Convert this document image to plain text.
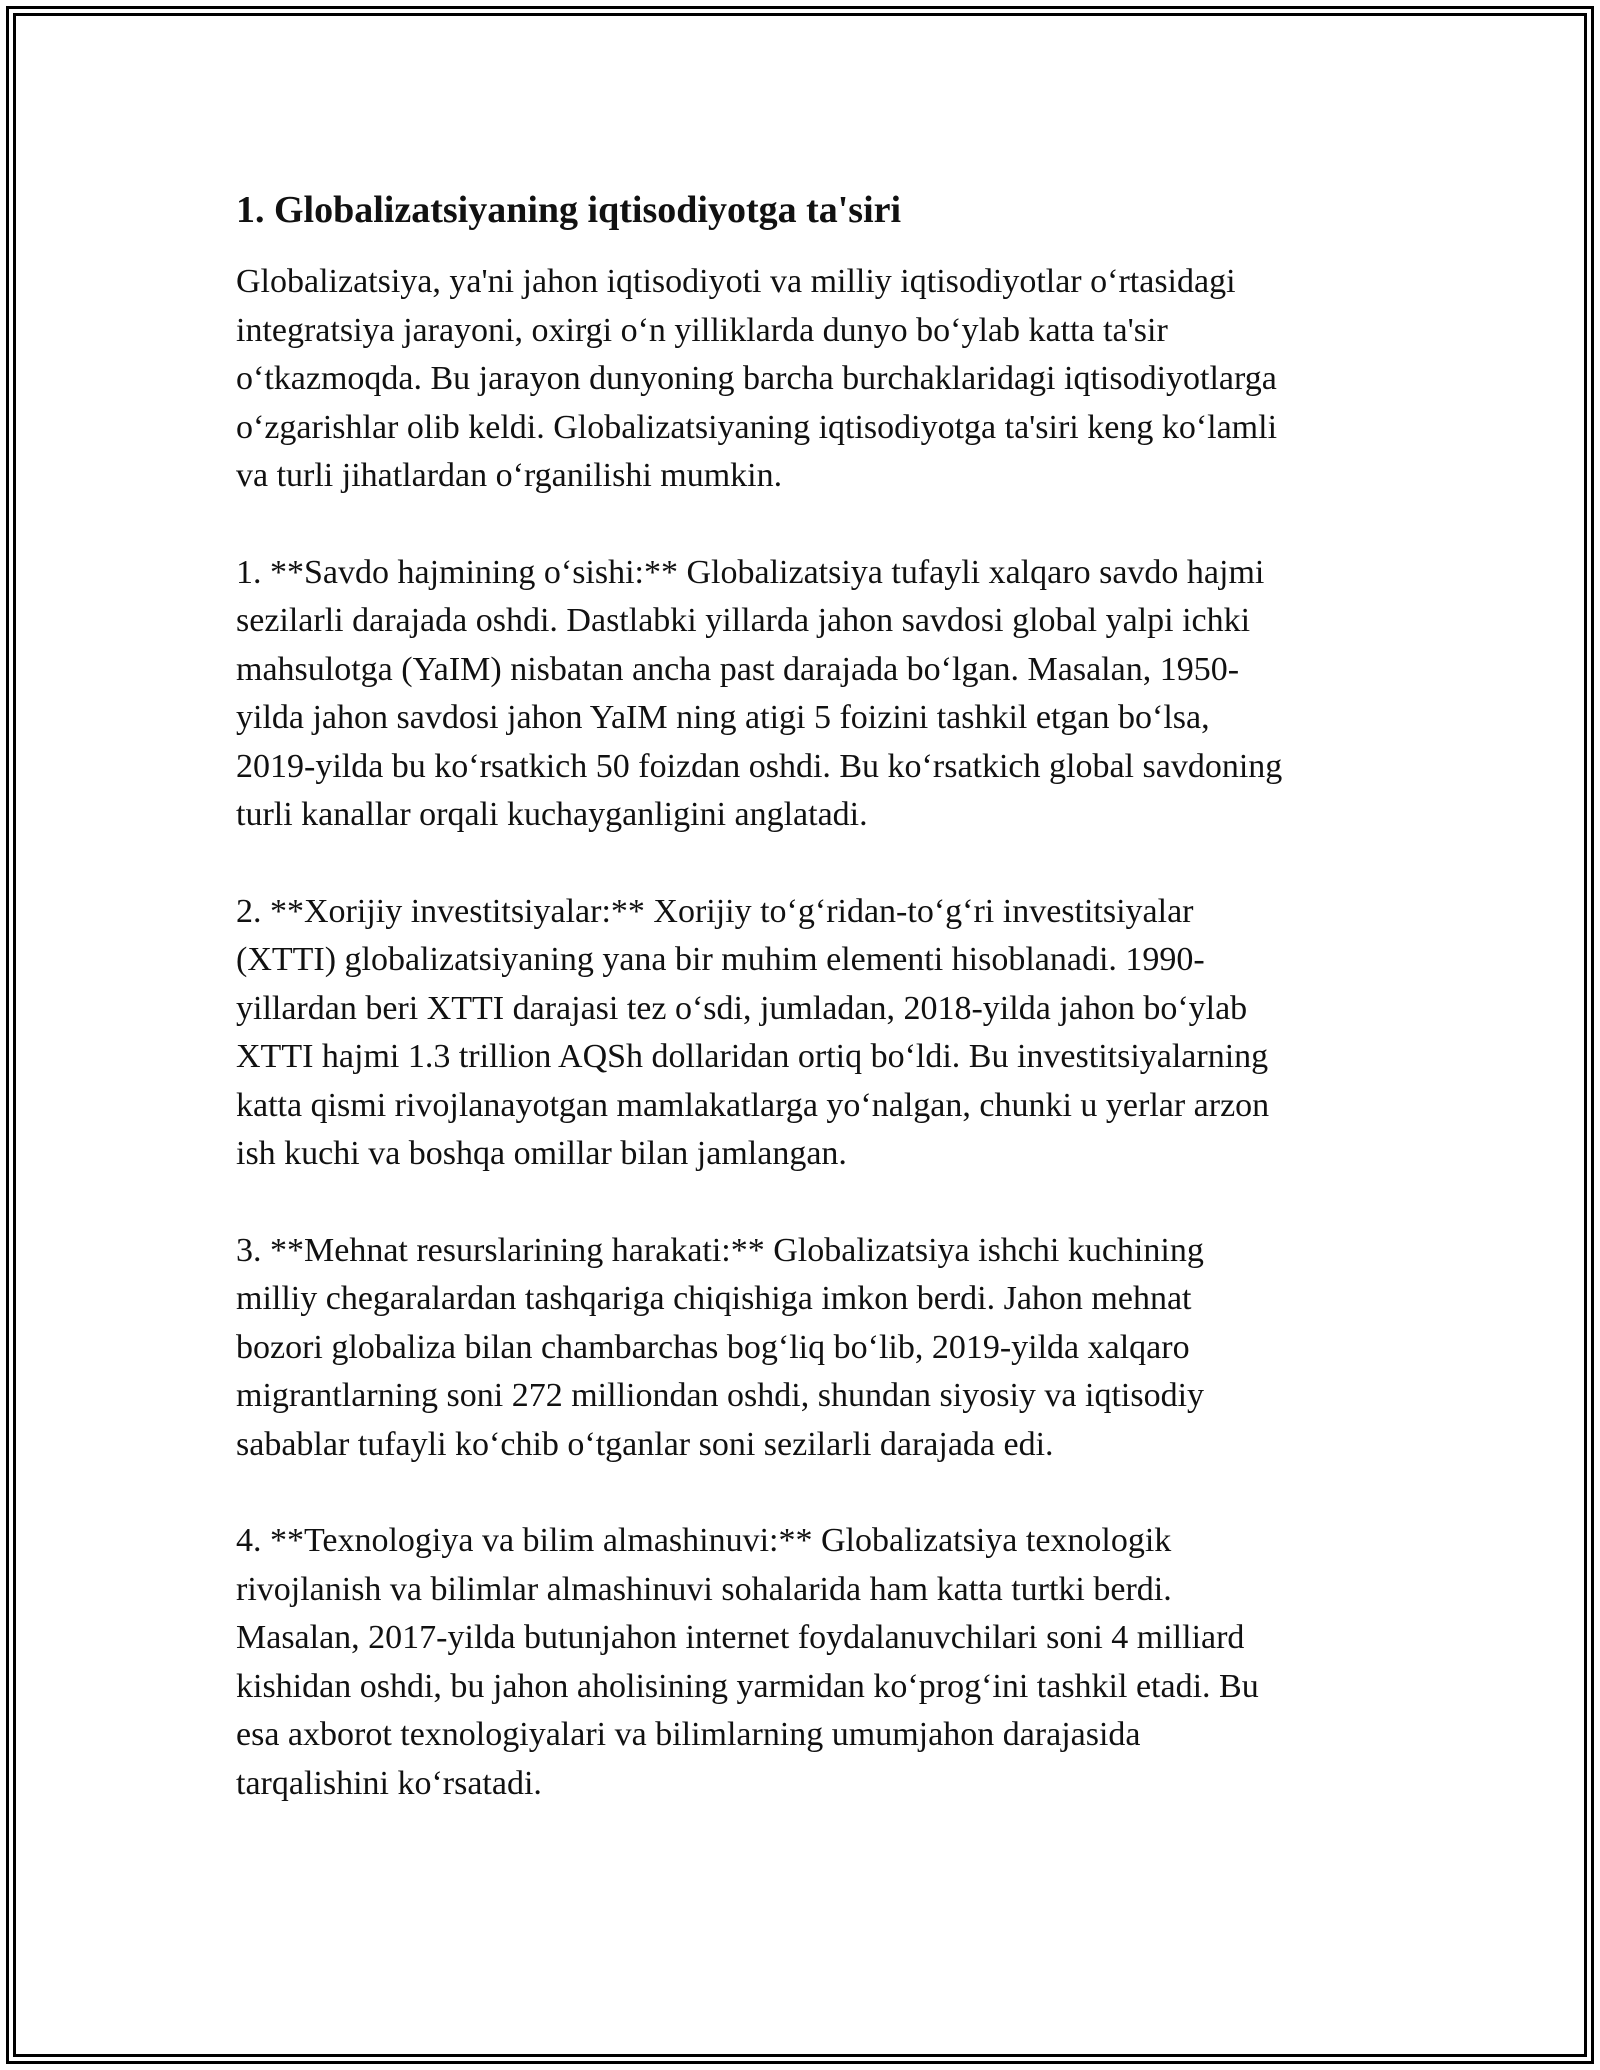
1. Globalizatsiyaning iqtisodiyotga ta'siri

Globalizatsiya, ya'ni jahon iqtisodiyoti va milliy iqtisodiyotlar o‘rtasidagi
integratsiya jarayoni, oxirgi o‘n yilliklarda dunyo bo‘ylab katta ta'sir
o‘tkazmoqda. Bu jarayon dunyoning barcha burchaklaridagi iqtisodiyotlarga
o‘zgarishlar olib keldi. Globalizatsiyaning iqtisodiyotga ta'siri keng ko‘lamli
va turli jihatlardan o‘rganilishi mumkin.

1. **Savdo hajmining o‘sishi:** Globalizatsiya tufayli xalqaro savdo hajmi
sezilarli darajada oshdi. Dastlabki yillarda jahon savdosi global yalpi ichki
mahsulotga (YaIM) nisbatan ancha past darajada bo‘lgan. Masalan, 1950-
yilda jahon savdosi jahon YaIM ning atigi 5 foizini tashkil etgan bo‘lsa,
2019-yilda bu ko‘rsatkich 50 foizdan oshdi. Bu ko‘rsatkich global savdoning
turli kanallar orqali kuchayganligini anglatadi.

2. **Xorijiy investitsiyalar:** Xorijiy to‘g‘ridan-to‘g‘ri investitsiyalar
(XTTI) globalizatsiyaning yana bir muhim elementi hisoblanadi. 1990-
yillardan beri XTTI darajasi tez o‘sdi, jumladan, 2018-yilda jahon bo‘ylab
XTTI hajmi 1.3 trillion AQSh dollaridan ortiq bo‘ldi. Bu investitsiyalarning
katta qismi rivojlanayotgan mamlakatlarga yo‘nalgan, chunki u yerlar arzon
ish kuchi va boshqa omillar bilan jamlangan.

3. **Mehnat resurslarining harakati:** Globalizatsiya ishchi kuchining
milliy chegaralardan tashqariga chiqishiga imkon berdi. Jahon mehnat
bozori globaliza bilan chambarchas bog‘liq bo‘lib, 2019-yilda xalqaro
migrantlarning soni 272 milliondan oshdi, shundan siyosiy va iqtisodiy
sabablar tufayli ko‘chib o‘tganlar soni sezilarli darajada edi.

4. **Texnologiya va bilim almashinuvi:** Globalizatsiya texnologik
rivojlanish va bilimlar almashinuvi sohalarida ham katta turtki berdi.
Masalan, 2017-yilda butunjahon internet foydalanuvchilari soni 4 milliard
kishidan oshdi, bu jahon aholisining yarmidan ko‘prog‘ini tashkil etadi. Bu
esa axborot texnologiyalari va bilimlarning umumjahon darajasida
tarqalishini ko‘rsatadi.
